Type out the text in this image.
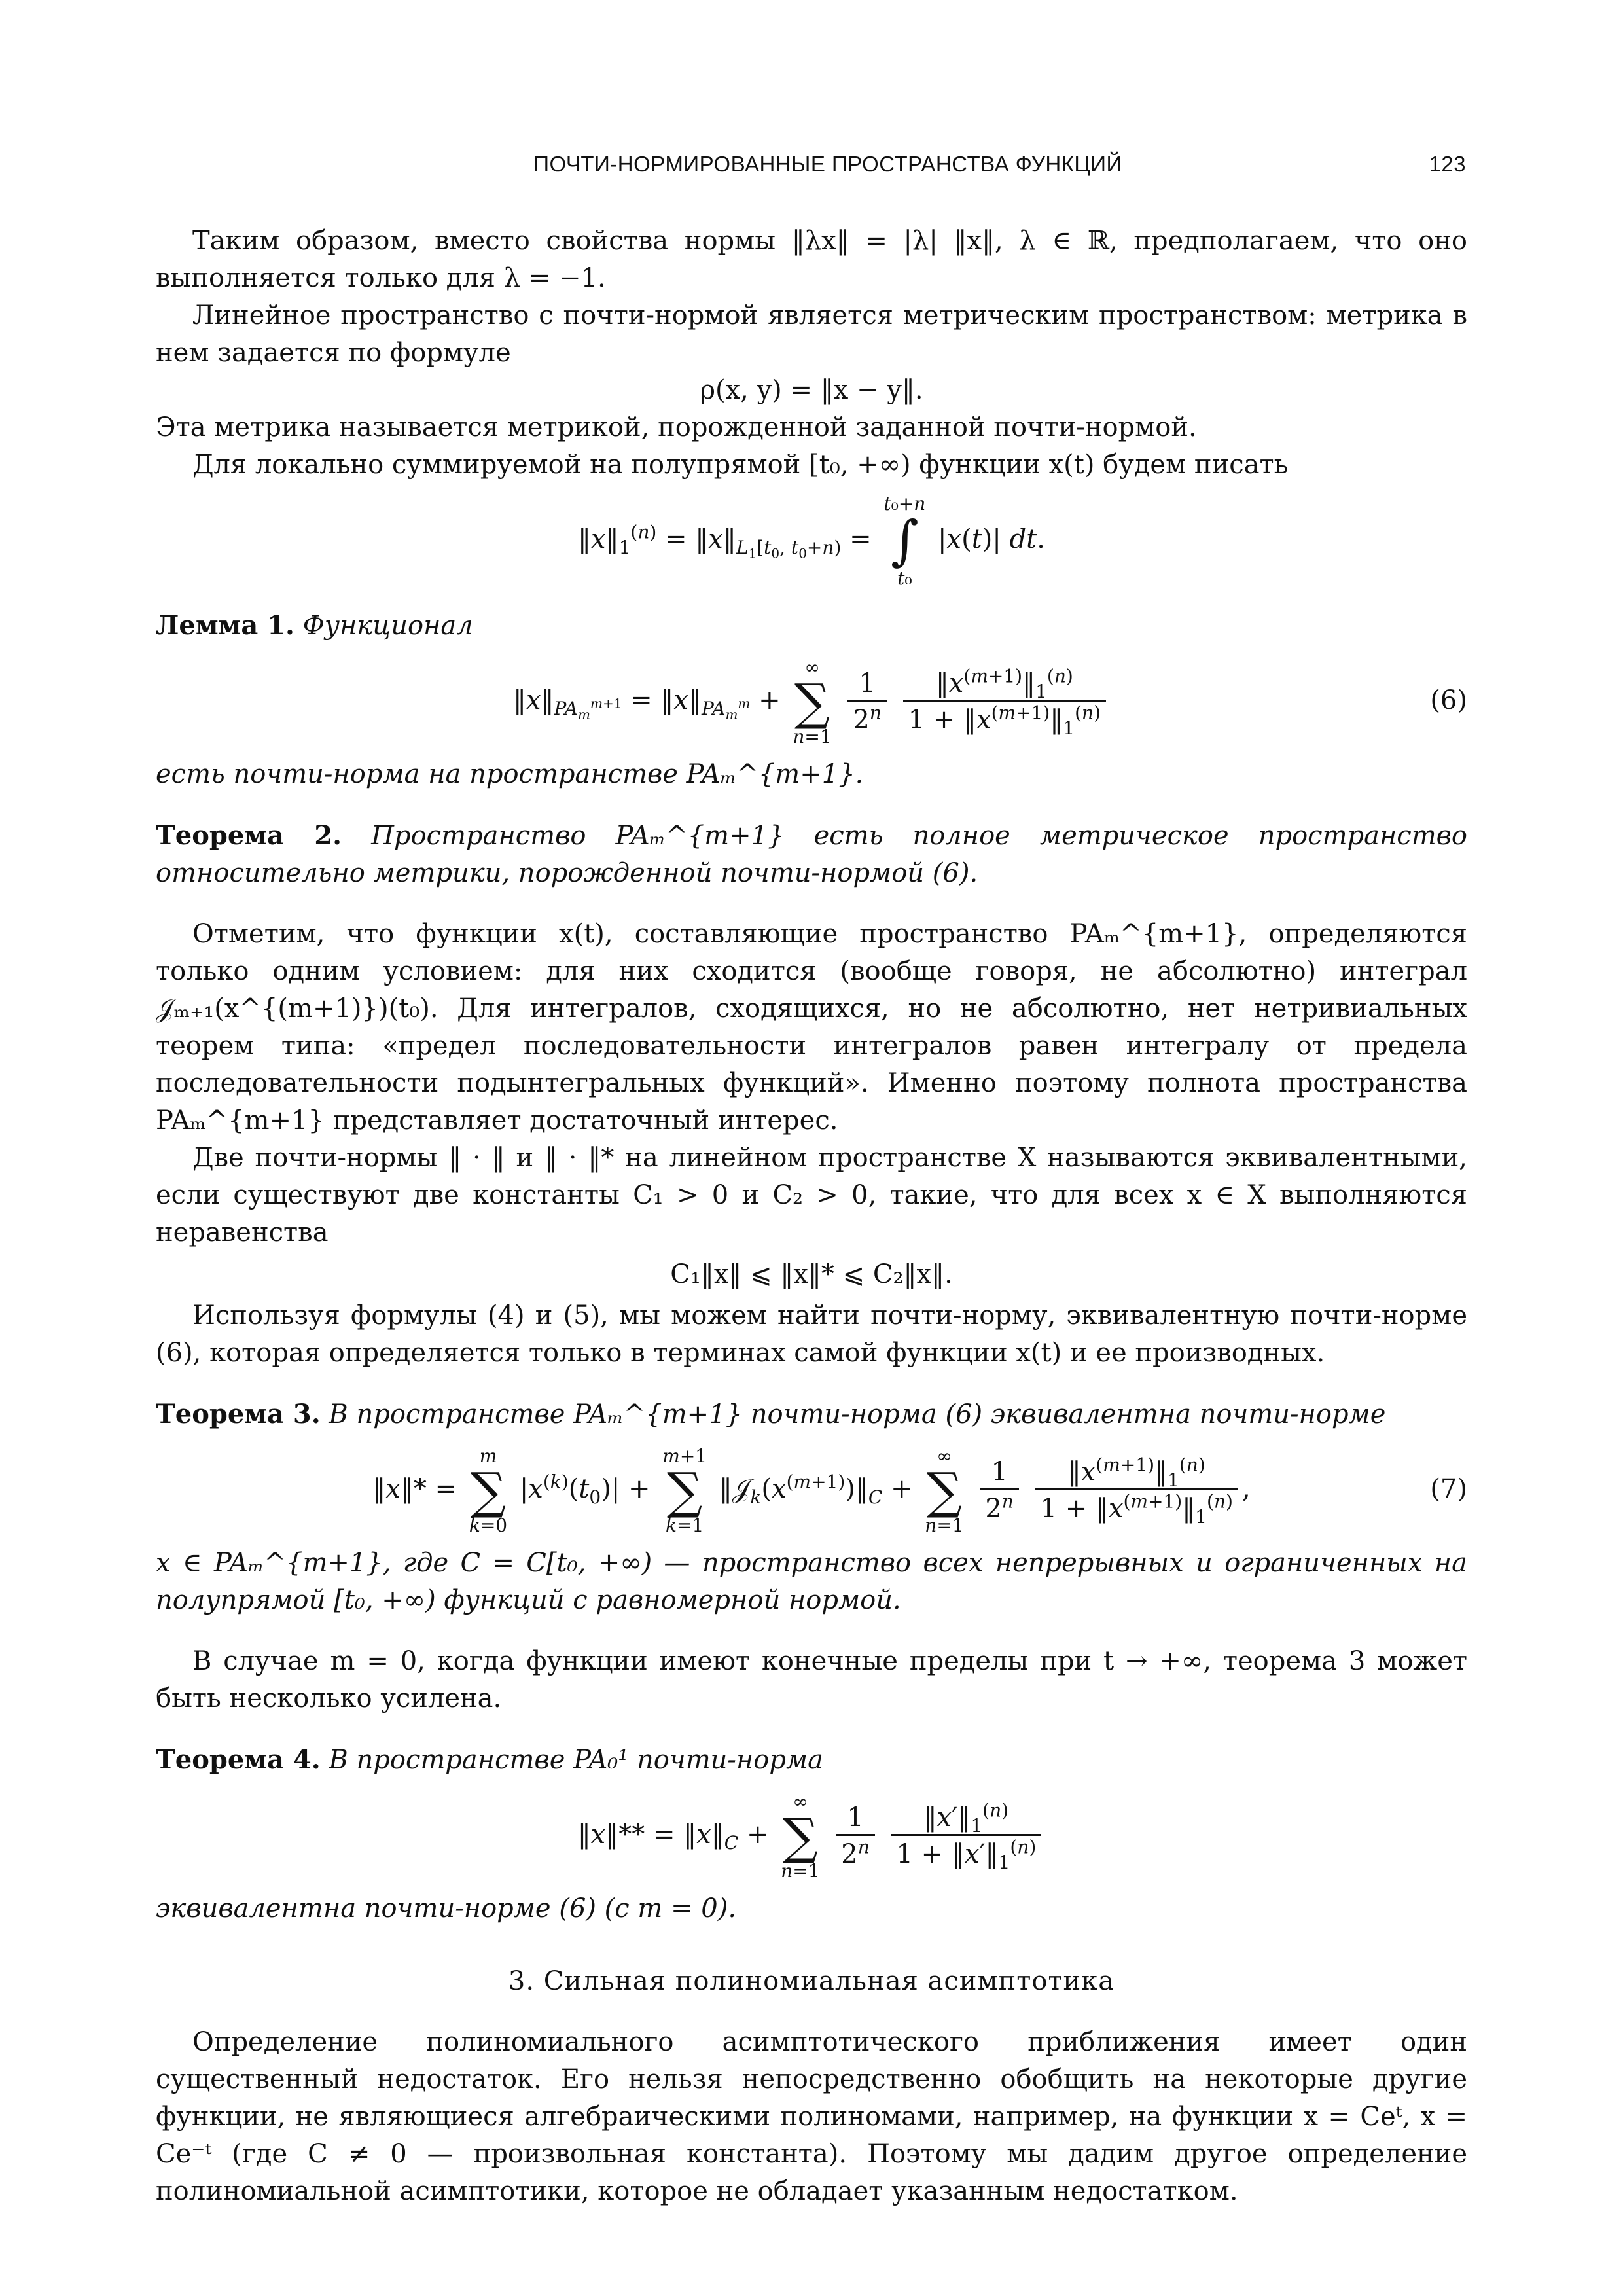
ПОЧТИ-НОРМИРОВАННЫЕ ПРОСТРАНСТВА ФУНКЦИЙ	123

Таким образом, вместо свойства нормы ‖λx‖ = |λ| ‖x‖, λ ∈ ℝ, предполагаем, что оно выполняется только для λ = −1.

Линейное пространство с почти-нормой является метрическим пространством: метрика в нем задается по формуле

ρ(x, y) = ‖x − y‖.

Эта метрика называется метрикой, порожденной заданной почти-нормой.

Для локально суммируемой на полупрямой [t₀, +∞) функции x(t) будем писать

$‖x‖_1^{(n)}$ = $‖x‖_{L_1[t_0, t_0+n)}$ =
t₀+n
∫
t₀
|x(t)| dt.

Лемма 1. Функционал

$‖x‖_{PA_m^{m+1}}$ = $‖x‖_{PA_m^m}$ +
∞
∑
n=1
$\frac{1}{2^n}$
$\frac{‖x^{(m+1)}‖_1^{(n)}}{1 + ‖x^{(m+1)}‖_1^{(n)}}$	(6)

есть почти-норма на пространстве PAₘ^{m+1}.

Теорема 2. Пространство PAₘ^{m+1} есть полное метрическое пространство относительно метрики, порожденной почти-нормой (6).

Отметим, что функции x(t), составляющие пространство PAₘ^{m+1}, определяются только одним условием: для них сходится (вообще говоря, не абсолютно) интеграл 𝒥ₘ₊₁(x^{(m+1)})(t₀). Для интегралов, сходящихся, но не абсолютно, нет нетривиальных теорем типа: «предел последовательности интегралов равен интегралу от предела последовательности подынтегральных функций». Именно поэтому полнота пространства PAₘ^{m+1} представляет достаточный интерес.

Две почти-нормы ‖ · ‖ и ‖ · ‖* на линейном пространстве X называются эквивалентными, если существуют две константы C₁ > 0 и C₂ > 0, такие, что для всех x ∈ X выполняются неравенства

C₁‖x‖ ⩽ ‖x‖* ⩽ C₂‖x‖.

Используя формулы (4) и (5), мы можем найти почти-норму, эквивалентную почти-норме (6), которая определяется только в терминах самой функции x(t) и ее производных.

Теорема 3. В пространстве PAₘ^{m+1} почти-норма (6) эквивалентна почти-норме

‖x‖* =
m
∑
k=0
$|x^{(k)}(t_0)|$ +
m+1
∑
k=1
$‖𝒥_k(x^{(m+1)})‖_C$ +
∞
∑
n=1
$\frac{1}{2^n}$
$\frac{‖x^{(m+1)}‖_1^{(n)}}{1 + ‖x^{(m+1)}‖_1^{(n)}}$ ,	(7)

x ∈ PAₘ^{m+1}, где C = C[t₀, +∞) — пространство всех непрерывных и ограниченных на полупрямой [t₀, +∞) функций с равномерной нормой.

В случае m = 0, когда функции имеют конечные пределы при t → +∞, теорема 3 может быть несколько усилена.

Теорема 4. В пространстве PA₀¹ почти-норма

‖x‖** = $‖x‖_C$ +
∞
∑
n=1
$\frac{1}{2^n}$
$\frac{‖x'‖_1^{(n)}}{1 + ‖x'‖_1^{(n)}}$

эквивалентна почти-норме (6) (с m = 0).

3. Сильная полиномиальная асимптотика

Определение полиномиального асимптотического приближения имеет один существенный недостаток. Его нельзя непосредственно обобщить на некоторые другие функции, не являющиеся алгебраическими полиномами, например, на функции x = Ceᵗ, x = Ce⁻ᵗ (где C ≠ 0 — произвольная константа). Поэтому мы дадим другое определение полиномиальной асимптотики, которое не обладает указанным недостатком.
